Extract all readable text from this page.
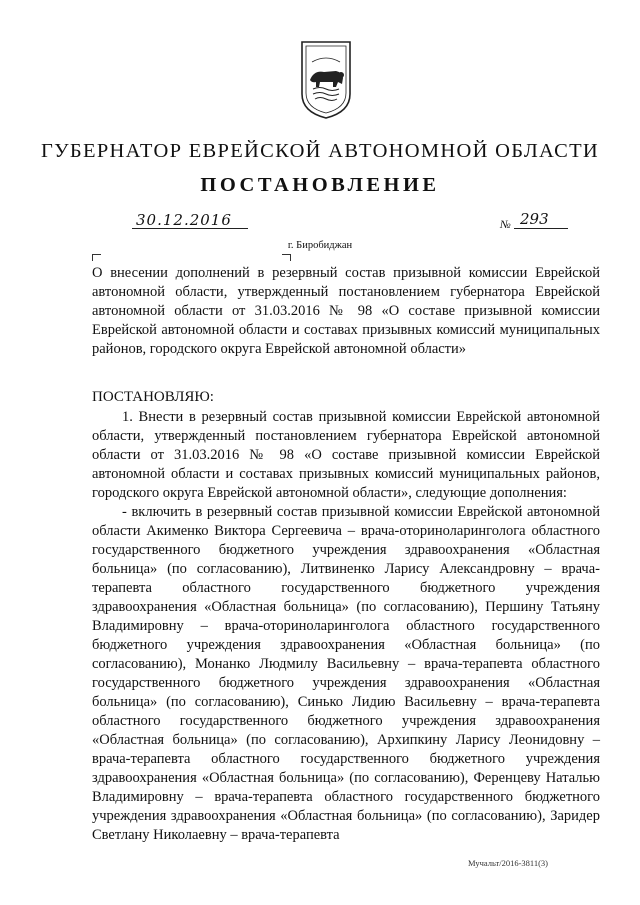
ГУБЕРНАТОР ЕВРЕЙСКОЙ АВТОНОМНОЙ ОБЛАСТИ
ПОСТАНОВЛЕНИЕ
30.12.2016	№ 293
г. Биробиджан
О внесении дополнений в резервный состав призывной комиссии Еврейской автономной области, утвержденный постановлением губернатора Еврейской автономной области от 31.03.2016 № 98 «О составе призывной комиссии Еврейской автономной области и составах призывных комиссий муниципальных районов, городского округа Еврейской автономной области»
ПОСТАНОВЛЯЮ:

1. Внести в резервный состав призывной комиссии Еврейской автономной области, утвержденный постановлением губернатора Еврейской автономной области от 31.03.2016 № 98 «О составе призывной комиссии Еврейской автономной области и составах призывных комиссий муниципальных районов, городского округа Еврейской автономной области», следующие дополнения:

- включить в резервный состав призывной комиссии Еврейской автономной области Акименко Виктора Сергеевича – врача-оториноларинголога областного государственного бюджетного учреждения здравоохранения «Областная больница» (по согласованию), Литвиненко Ларису Александровну – врача-терапевта областного государственного бюджетного учреждения здравоохранения «Областная больница» (по согласованию), Першину Татьяну Владимировну – врача-оториноларинголога областного государственного бюджетного учреждения здравоохранения «Областная больница» (по согласованию), Монанко Людмилу Васильевну – врача-терапевта областного государственного бюджетного учреждения здравоохранения «Областная больница» (по согласованию), Синько Лидию Васильевну – врача-терапевта областного государственного бюджетного учреждения здравоохранения «Областная больница» (по согласованию), Архипкину Ларису Леонидовну – врача-терапевта областного государственного бюджетного учреждения здравоохранения «Областная больница» (по согласованию), Ференцеву Наталью Владимировну – врача-терапевта областного государственного бюджетного учреждения здравоохранения «Областная больница» (по согласованию), Заридер Светлану Николаевну – врача-терапевта

Мучальт/2016-3811(3)
